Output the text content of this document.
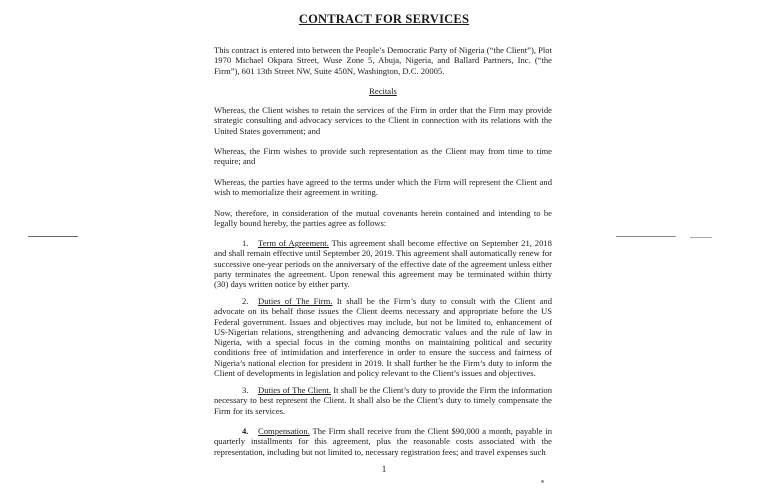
CONTRACT FOR SERVICES
This contract is entered into between the People’s Democratic Party of Nigeria (“the Client”), Plot 1970 Michael Okpara Street, Wuse Zone 5, Abuja, Nigeria, and Ballard Partners, Inc. (“the Firm”), 601 13th Street NW, Suite 450N, Washington, D.C. 20005.
Recitals
Whereas, the Client wishes to retain the services of the Firm in order that the Firm may provide strategic consulting and advocacy services to the Client in connection with its relations with the United States government; and
Whereas, the Firm wishes to provide such representation as the Client may from time to time require; and
Whereas, the parties have agreed to the terms under which the Firm will represent the Client and wish to memorialize their agreement in writing.
Now, therefore, in consideration of the mutual covenants herein contained and intending to be legally bound hereby, the parties agree as follows:
1. Term of Agreement. This agreement shall become effective on September 21, 2018 and shall remain effective until September 20, 2019. This agreement shall automatically renew for successive one-year periods on the anniversary of the effective date of the agreement unless either party terminates the agreement. Upon renewal this agreement may be terminated within thirty (30) days written notice by either party.
2. Duties of The Firm. It shall be the Firm’s duty to consult with the Client and advocate on its behalf those issues the Client deems necessary and appropriate before the US Federal government. Issues and objectives may include, but not be limited to, enhancement of US-Nigerian relations, strengthening and advancing democratic values and the rule of law in Nigeria, with a special focus in the coming months on maintaining political and security conditions free of intimidation and interference in order to ensure the success and fairness of Nigeria’s national election for president in 2019. It shall further be the Firm’s duty to inform the Client of developments in legislation and policy relevant to the Client’s issues and objectives.
3. Duties of The Client. It shall be the Client’s duty to provide the Firm the information necessary to best represent the Client. It shall also be the Client’s duty to timely compensate the Firm for its services.
4. Compensation. The Firm shall receive from the Client $90,000 a month, payable in quarterly installments for this agreement, plus the reasonable costs associated with the representation, including but not limited to, necessary registration fees; and travel expenses such
1
